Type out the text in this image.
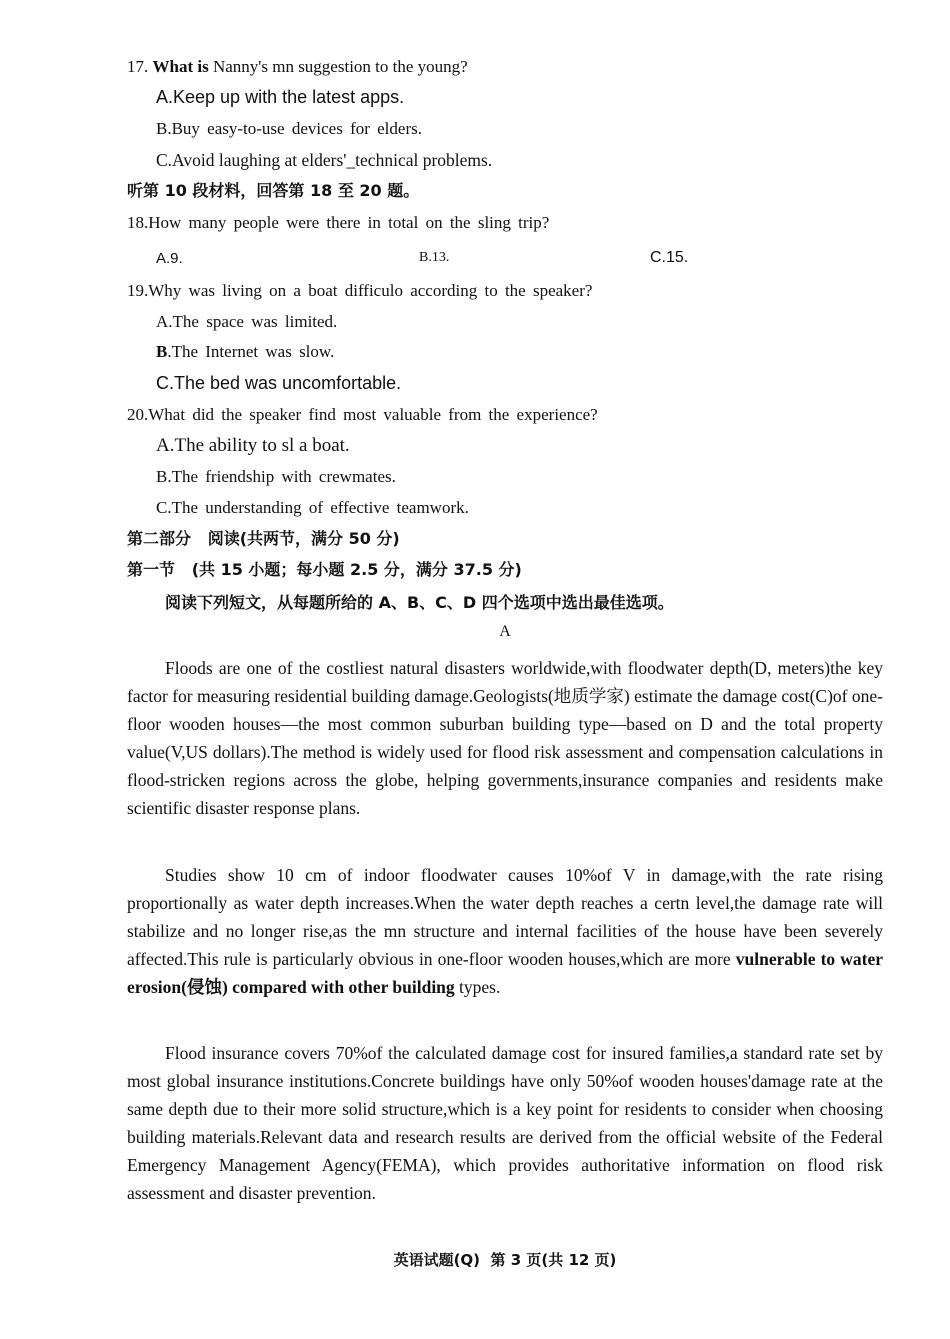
17. What is Nanny's mn suggestion to the young?
A.Keep up with the latest apps.
B.Buy easy-to-use devices for elders.
C.Avoid laughing at elders'_technical problems.
听第 10 段材料，回答第 18 至 20 题。
18.How many people were there in total on the sling trip?
A.9.	B.13.	C.15.
19.Why was living on a boat difficulo according to the speaker?
A.The space was limited.
B.The Internet was slow.
C.The bed was uncomfortable.
20.What did the speaker find most valuable from the experience?
A.The ability to sl a boat.
B.The friendship with crewmates.
C.The understanding of effective teamwork.
第二部分   阅读(共两节，满分 50 分)
第一节   (共 15 小题；每小题 2.5 分，满分 37.5 分)
阅读下列短文，从每题所给的 A、B、C、D 四个选项中选出最佳选项。
A
Floods are one of the costliest natural disasters worldwide,with floodwater depth(D, meters)the key factor for measuring residential building damage.Geologists(地质学家) estimate the damage cost(C)of one-floor wooden houses—the most common suburban building type—based on D and the total property value(V,US dollars).The method is widely used for flood risk assessment and compensation calculations in flood-stricken regions across the globe, helping governments,insurance companies and residents make scientific disaster response plans.
Studies show 10 cm of indoor floodwater causes 10%of V in damage,with the rate rising proportionally as water depth increases.When the water depth reaches a certn level,the damage rate will stabilize and no longer rise,as the mn structure and internal facilities of the house have been severely affected.This rule is particularly obvious in one-floor wooden houses,which are more vulnerable to water erosion(侵蚀) compared with other building types.
Flood insurance covers 70%of the calculated damage cost for insured families,a standard rate set by most global insurance institutions.Concrete buildings have only 50%of wooden houses'damage rate at the same depth due to their more solid structure,which is a key point for residents to consider when choosing building materials.Relevant data and research results are derived from the official website of the Federal Emergency Management Agency(FEMA), which provides authoritative information on flood risk assessment and disaster prevention.
英语试题(Q)  第 3 页(共 12 页)
